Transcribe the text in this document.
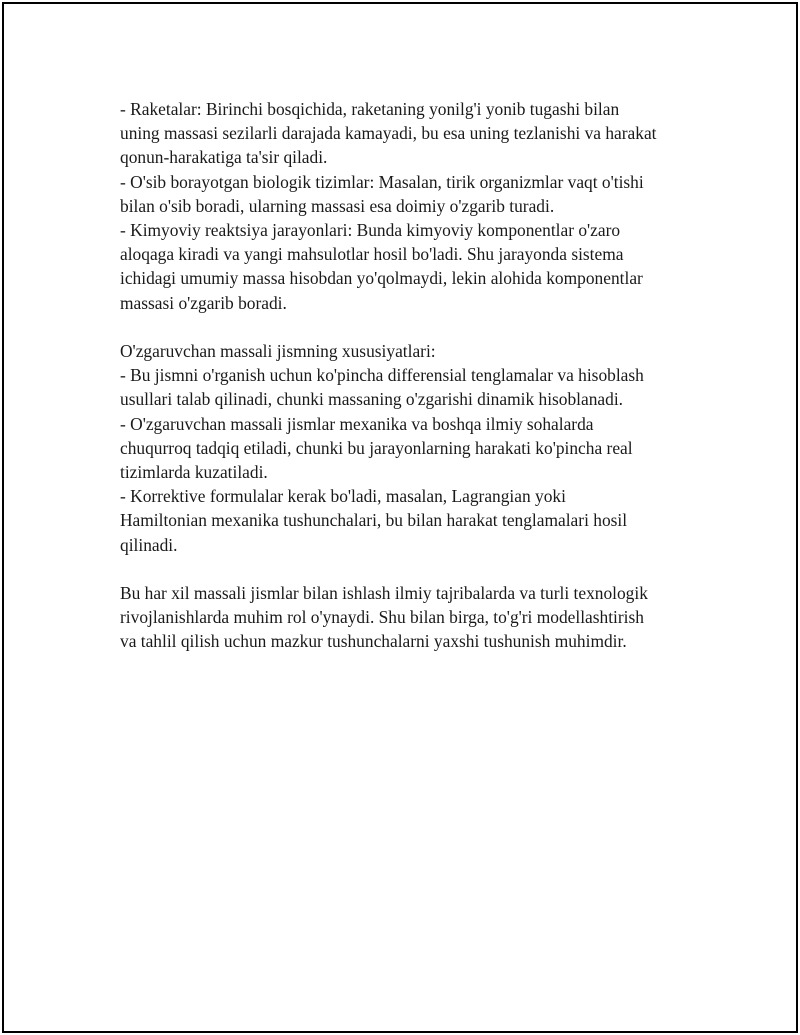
- Raketalar: Birinchi bosqichida, raketaning yonilg'i yonib tugashi bilan
uning massasi sezilarli darajada kamayadi, bu esa uning tezlanishi va harakat
qonun-harakatiga ta'sir qiladi.
- O'sib borayotgan biologik tizimlar: Masalan, tirik organizmlar vaqt o'tishi
bilan o'sib boradi, ularning massasi esa doimiy o'zgarib turadi.
- Kimyoviy reaktsiya jarayonlari: Bunda kimyoviy komponentlar o'zaro
aloqaga kiradi va yangi mahsulotlar hosil bo'ladi. Shu jarayonda sistema
ichidagi umumiy massa hisobdan yo'qolmaydi, lekin alohida komponentlar
massasi o'zgarib boradi.
O'zgaruvchan massali jismning xususiyatlari:
- Bu jismni o'rganish uchun ko'pincha differensial tenglamalar va hisoblash
usullari talab qilinadi, chunki massaning o'zgarishi dinamik hisoblanadi.
- O'zgaruvchan massali jismlar mexanika va boshqa ilmiy sohalarda
chuqurroq tadqiq etiladi, chunki bu jarayonlarning harakati ko'pincha real
tizimlarda kuzatiladi.
- Korrektive formulalar kerak bo'ladi, masalan, Lagrangian yoki
Hamiltonian mexanika tushunchalari, bu bilan harakat tenglamalari hosil
qilinadi.
Bu har xil massali jismlar bilan ishlash ilmiy tajribalarda va turli texnologik
rivojlanishlarda muhim rol o'ynaydi. Shu bilan birga, to'g'ri modellashtirish
va tahlil qilish uchun mazkur tushunchalarni yaxshi tushunish muhimdir.
